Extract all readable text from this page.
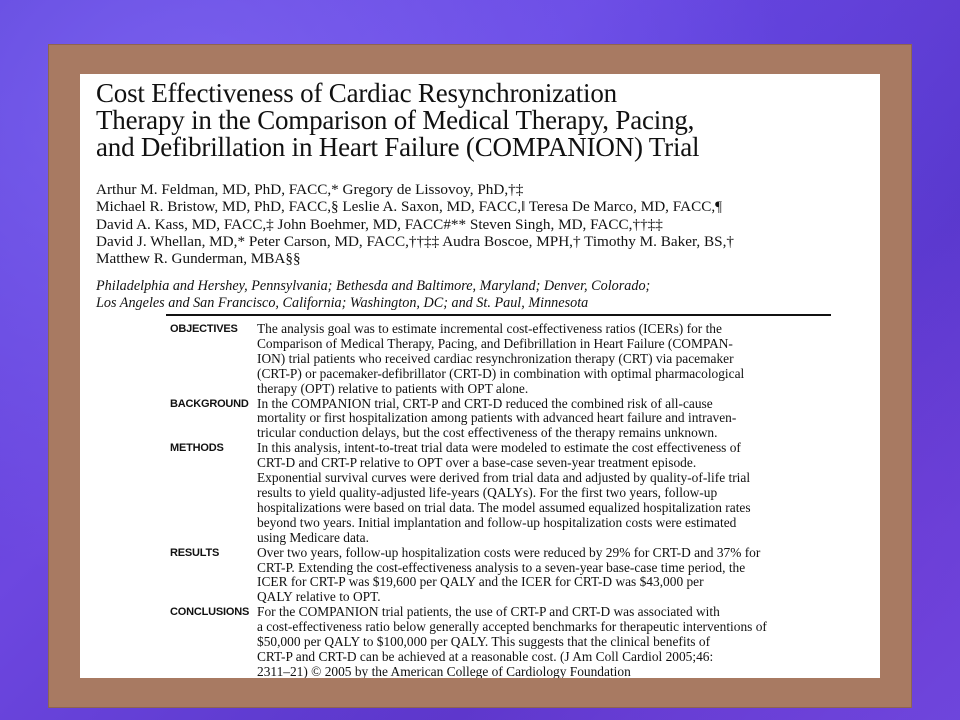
Cost Effectiveness of Cardiac Resynchronization
Therapy in the Comparison of Medical Therapy, Pacing,
and Defibrillation in Heart Failure (COMPANION) Trial
Arthur M. Feldman, MD, PhD, FACC,* Gregory de Lissovoy, PhD,†‡
Michael R. Bristow, MD, PhD, FACC,§ Leslie A. Saxon, MD, FACC,‖ Teresa De Marco, MD, FACC,¶
David A. Kass, MD, FACC,‡ John Boehmer, MD, FACC#** Steven Singh, MD, FACC,††‡‡
David J. Whellan, MD,* Peter Carson, MD, FACC,††‡‡ Audra Boscoe, MPH,† Timothy M. Baker, BS,†
Matthew R. Gunderman, MBA§§
Philadelphia and Hershey, Pennsylvania; Bethesda and Baltimore, Maryland; Denver, Colorado;
Los Angeles and San Francisco, California; Washington, DC; and St. Paul, Minnesota
OBJECTIVES	The analysis goal was to estimate incremental cost-effectiveness ratios (ICERs) for the
Comparison of Medical Therapy, Pacing, and Defibrillation in Heart Failure (COMPAN-
ION) trial patients who received cardiac resynchronization therapy (CRT) via pacemaker
(CRT-P) or pacemaker-defibrillator (CRT-D) in combination with optimal pharmacological
therapy (OPT) relative to patients with OPT alone.
BACKGROUND In the COMPANION trial, CRT-P and CRT-D reduced the combined risk of all-cause
mortality or first hospitalization among patients with advanced heart failure and intraven-
tricular conduction delays, but the cost effectiveness of the therapy remains unknown.
METHODS	In this analysis, intent-to-treat trial data were modeled to estimate the cost effectiveness of
CRT-D and CRT-P relative to OPT over a base-case seven-year treatment episode.
Exponential survival curves were derived from trial data and adjusted by quality-of-life trial
results to yield quality-adjusted life-years (QALYs). For the first two years, follow-up
hospitalizations were based on trial data. The model assumed equalized hospitalization rates
beyond two years. Initial implantation and follow-up hospitalization costs were estimated
using Medicare data.
RESULTS	Over two years, follow-up hospitalization costs were reduced by 29% for CRT-D and 37% for
CRT-P. Extending the cost-effectiveness analysis to a seven-year base-case time period, the
ICER for CRT-P was $19,600 per QALY and the ICER for CRT-D was $43,000 per
QALY relative to OPT.
CONCLUSIONS For the COMPANION trial patients, the use of CRT-P and CRT-D was associated with
a cost-effectiveness ratio below generally accepted benchmarks for therapeutic interventions of
$50,000 per QALY to $100,000 per QALY. This suggests that the clinical benefits of
CRT-P and CRT-D can be achieved at a reasonable cost. (J Am Coll Cardiol 2005;46:
2311–21) © 2005 by the American College of Cardiology Foundation
